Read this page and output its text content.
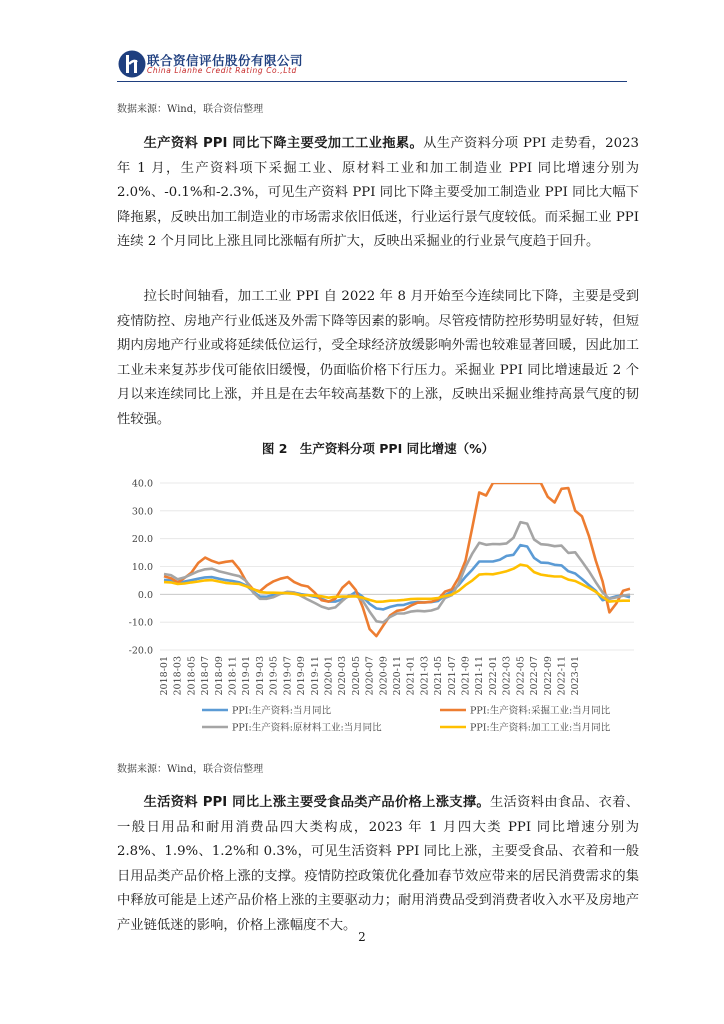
联合资信评估股份有限公司
China Lianhe Credit Rating Co.,Ltd
数据来源：Wind，联合资信整理

生产资料 PPI 同比下降主要受加工工业拖累。从生产资料分项 PPI 走势看，2023 年 1 月，生产资料项下采掘工业、原材料工业和加工制造业 PPI 同比增速分别为 2.0%、-0.1%和-2.3%，可见生产资料 PPI 同比下降主要受加工制造业 PPI 同比大幅下降拖累，反映出加工制造业的市场需求依旧低迷，行业运行景气度较低。而采掘工业 PPI 连续 2 个月同比上涨且同比涨幅有所扩大，反映出采掘业的行业景气度趋于回升。

拉长时间轴看，加工工业 PPI 自 2022 年 8 月开始至今连续同比下降，主要是受到疫情防控、房地产行业低迷及外需下降等因素的影响。尽管疫情防控形势明显好转，但短期内房地产行业或将延续低位运行，受全球经济放缓影响外需也较难显著回暖，因此加工工业未来复苏步伐可能依旧缓慢，仍面临价格下行压力。采掘业 PPI 同比增速最近 2 个月以来连续同比上涨，并且是在去年较高基数下的上涨，反映出采掘业维持高景气度的韧性较强。

图 2　生产资料分项 PPI 同比增速（%）
40.0
30.0
20.0
10.0
0.0
-10.0
-20.0
2018-01 2018-03 2018-05 2018-07 2018-09 2018-11 2019-01 2019-03 2019-05 2019-07 2019-09 2019-11 2020-01 2020-03 2020-05 2020-07 2020-09 2020-11 2021-01 2021-03 2021-05 2021-07 2021-09 2021-11 2022-01 2022-03 2022-05 2022-07 2022-09 2022-11 2023-01
PPI:生产资料:当月同比	PPI:生产资料:采掘工业:当月同比
PPI:生产资料:原材料工业:当月同比	PPI:生产资料:加工工业:当月同比
数据来源：Wind，联合资信整理

生活资料 PPI 同比上涨主要受食品类产品价格上涨支撑。生活资料由食品、衣着、一般日用品和耐用消费品四大类构成，2023 年 1 月四大类 PPI 同比增速分别为 2.8%、1.9%、1.2%和 0.3%，可见生活资料 PPI 同比上涨，主要受食品、衣着和一般日用品类产品价格上涨的支撑。疫情防控政策优化叠加春节效应带来的居民消费需求的集中释放可能是上述产品价格上涨的主要驱动力；耐用消费品受到消费者收入水平及房地产产业链低迷的影响，价格上涨幅度不大。

2
